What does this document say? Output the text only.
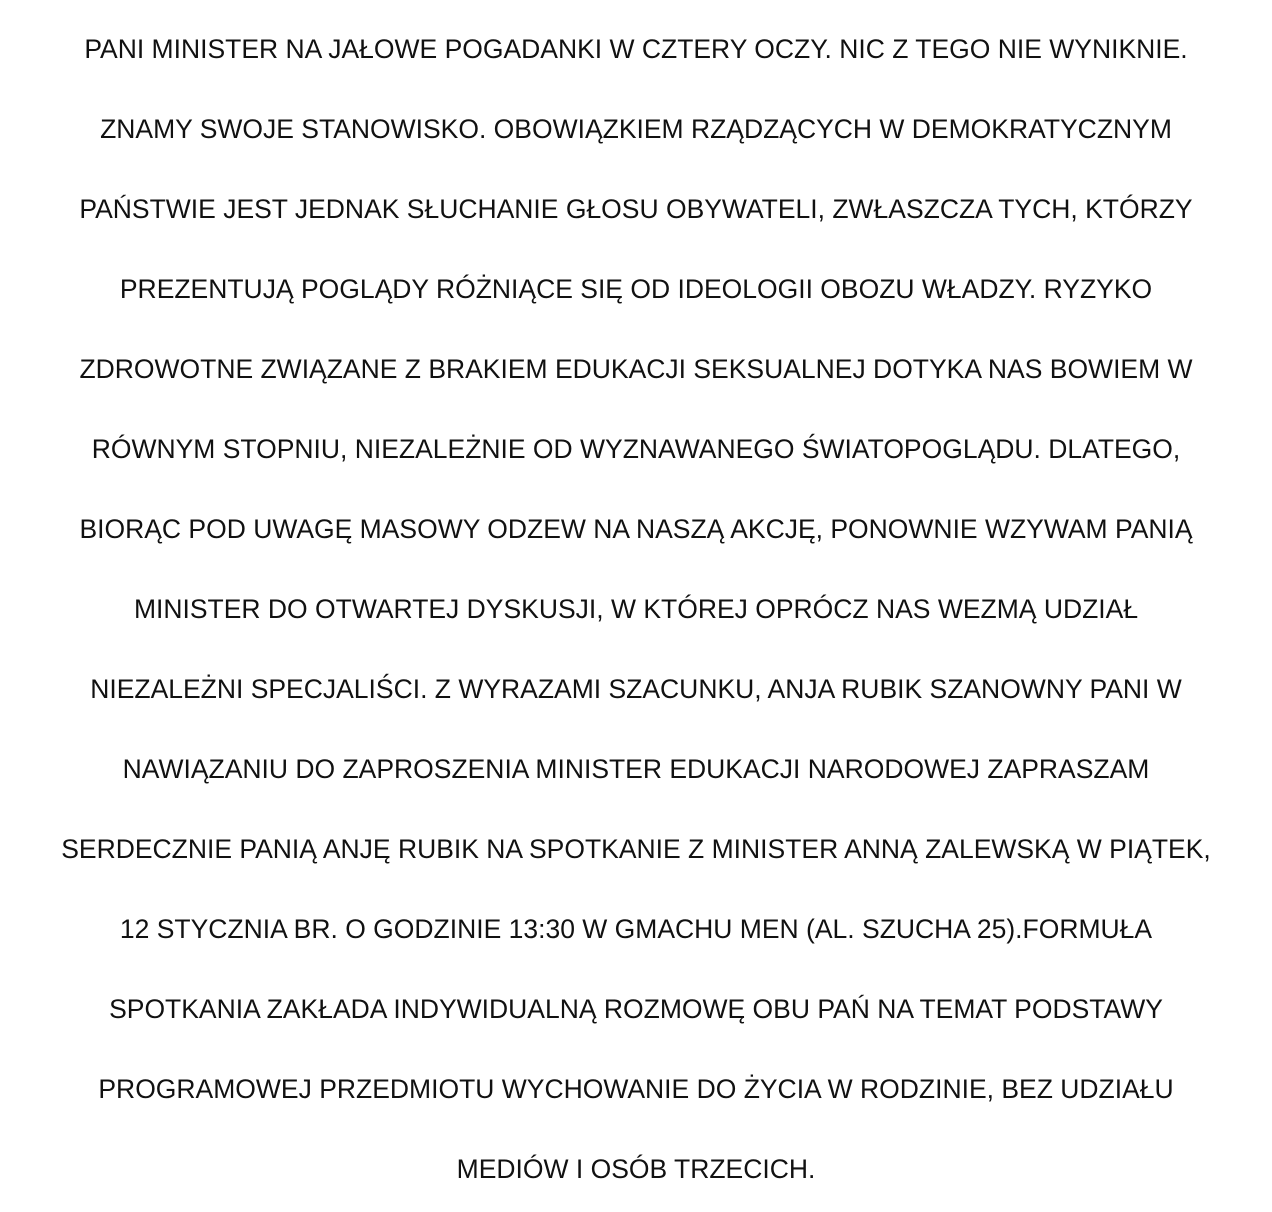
PANI MINISTER NA JAŁOWE POGADANKI W CZTERY OCZY. NIC Z TEGO NIE WYNIKNIE.
ZNAMY SWOJE STANOWISKO. OBOWIĄZKIEM RZĄDZĄCYCH W DEMOKRATYCZNYM
PAŃSTWIE JEST JEDNAK SŁUCHANIE GŁOSU OBYWATELI, ZWŁASZCZA TYCH, KTÓRZY
PREZENTUJĄ POGLĄDY RÓŻNIĄCE SIĘ OD IDEOLOGII OBOZU WŁADZY. RYZYKO
ZDROWOTNE ZWIĄZANE Z BRAKIEM EDUKACJI SEKSUALNEJ DOTYKA NAS BOWIEM W
RÓWNYM STOPNIU, NIEZALEŻNIE OD WYZNAWANEGO ŚWIATOPOGLĄDU. DLATEGO,
BIORĄC POD UWAGĘ MASOWY ODZEW NA NASZĄ AKCJĘ, PONOWNIE WZYWAM PANIĄ
MINISTER DO OTWARTEJ DYSKUSJI, W KTÓREJ OPRÓCZ NAS WEZMĄ UDZIAŁ
NIEZALEŻNI SPECJALIŚCI. Z WYRAZAMI SZACUNKU, ANJA RUBIK SZANOWNY PANI W
NAWIĄZANIU DO ZAPROSZENIA MINISTER EDUKACJI NARODOWEJ ZAPRASZAM
SERDECZNIE PANIĄ ANJĘ RUBIK NA SPOTKANIE Z MINISTER ANNĄ ZALEWSKĄ W PIĄTEK,
12 STYCZNIA BR. O GODZINIE 13:30 W GMACHU MEN (AL. SZUCHA 25).FORMUŁA
SPOTKANIA ZAKŁADA INDYWIDUALNĄ ROZMOWĘ OBU PAŃ NA TEMAT PODSTAWY
PROGRAMOWEJ PRZEDMIOTU WYCHOWANIE DO ŻYCIA W RODZINIE, BEZ UDZIAŁU
MEDIÓW I OSÓB TRZECICH.
